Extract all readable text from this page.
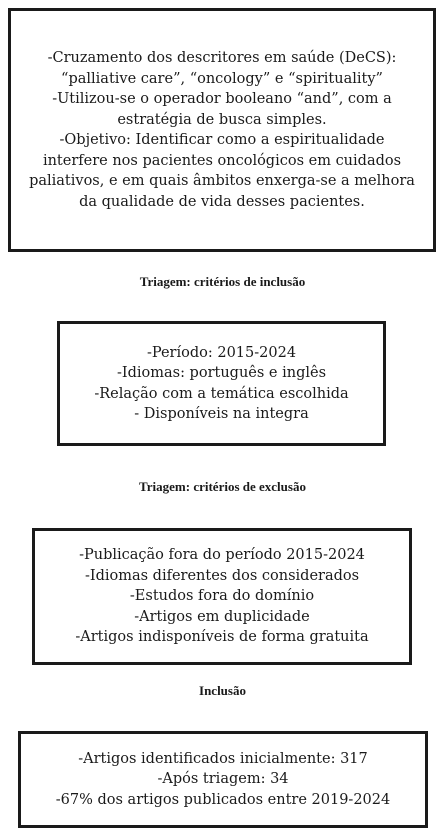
-Cruzamento dos descritores em saúde (DeCS):
“palliative care”, “oncology” e “spirituality”
-Utilizou-se o operador booleano “and”, com a
estratégia de busca simples.
-Objetivo: Identificar como a espiritualidade
interfere nos pacientes oncológicos em cuidados
paliativos, e em quais âmbitos enxerga-se a melhora
da qualidade de vida desses pacientes.
Triagem: critérios de inclusão
-Período: 2015-2024
-Idiomas: português e inglês
-Relação com a temática escolhida
- Disponíveis na integra
Triagem: critérios de exclusão
-Publicação fora do período 2015-2024
-Idiomas diferentes dos considerados
-Estudos fora do domínio
-Artigos em duplicidade
-Artigos indisponíveis de forma gratuita
Inclusão
-Artigos identificados inicialmente: 317
-Após triagem: 34
-67% dos artigos publicados entre 2019-2024
